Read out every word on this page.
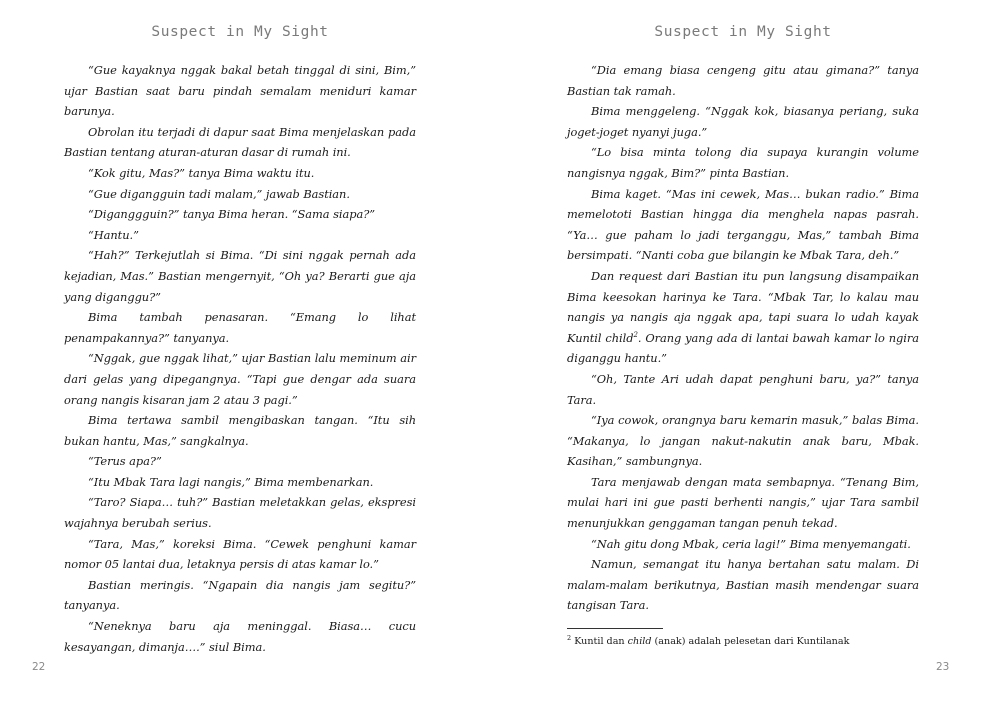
Suspect in My Sight

“Gue kayaknya nggak bakal betah tinggal di sini, Bim,” ujar Bastian saat baru pindah semalam meniduri kamar barunya.

Obrolan itu terjadi di dapur saat Bima menjelaskan pada Bastian tentang aturan-aturan dasar di rumah ini.

“Kok gitu, Mas?” tanya Bima waktu itu.

“Gue digangguin tadi malam,” jawab Bastian.

“Diganggguin?” tanya Bima heran. “Sama siapa?”

“Hantu.”

“Hah?” Terkejutlah si Bima. “Di sini nggak pernah ada kejadian, Mas.” Bastian mengernyit, “Oh ya? Berarti gue aja yang diganggu?”

Bima tambah penasaran. “Emang lo lihat penampakannya?” tanyanya.

“Nggak, gue nggak lihat,” ujar Bastian lalu meminum air dari gelas yang dipegangnya. “Tapi gue dengar ada suara orang nangis kisaran jam 2 atau 3 pagi.”

Bima tertawa sambil mengibaskan tangan. “Itu sih bukan hantu, Mas,” sangkalnya.

“Terus apa?”

“Itu Mbak Tara lagi nangis,” Bima membenarkan.

“Taro? Siapa… tuh?” Bastian meletakkan gelas, ekspresi wajahnya berubah serius.

“Tara, Mas,” koreksi Bima. “Cewek penghuni kamar nomor 05 lantai dua, letaknya persis di atas kamar lo.”

Bastian meringis. “Ngapain dia nangis jam segitu?” tanyanya.

“Neneknya baru aja meninggal. Biasa… cucu kesayangan, dimanja….” siul Bima.

22
Suspect in My Sight

“Dia emang biasa cengeng gitu atau gimana?” tanya Bastian tak ramah.

Bima menggeleng. “Nggak kok, biasanya periang, suka joget-joget nyanyi juga.”

“Lo bisa minta tolong dia supaya kurangin volume nangisnya nggak, Bim?” pinta Bastian.

Bima kaget. “Mas ini cewek, Mas… bukan radio.” Bima memelototi Bastian hingga dia menghela napas pasrah. “Ya… gue paham lo jadi terganggu, Mas,” tambah Bima bersimpati. “Nanti coba gue bilangin ke Mbak Tara, deh.”

Dan request dari Bastian itu pun langsung disampaikan Bima keesokan harinya ke Tara. “Mbak Tar, lo kalau mau nangis ya nangis aja nggak apa, tapi suara lo udah kayak Kuntil child$^2$. Orang yang ada di lantai bawah kamar lo ngira diganggu hantu.”

“Oh, Tante Ari udah dapat penghuni baru, ya?” tanya Tara.

“Iya cowok, orangnya baru kemarin masuk,” balas Bima. “Makanya, lo jangan nakut-nakutin anak baru, Mbak. Kasihan,” sambungnya.

Tara menjawab dengan mata sembapnya. “Tenang Bim, mulai hari ini gue pasti berhenti nangis,” ujar Tara sambil menunjukkan genggaman tangan penuh tekad.

“Nah gitu dong Mbak, ceria lagi!” Bima menyemangati.

Namun, semangat itu hanya bertahan satu malam. Di malam-malam berikutnya, Bastian masih mendengar suara tangisan Tara.

$^2$ Kuntil dan child (anak) adalah pelesetan dari Kuntilanak
23
